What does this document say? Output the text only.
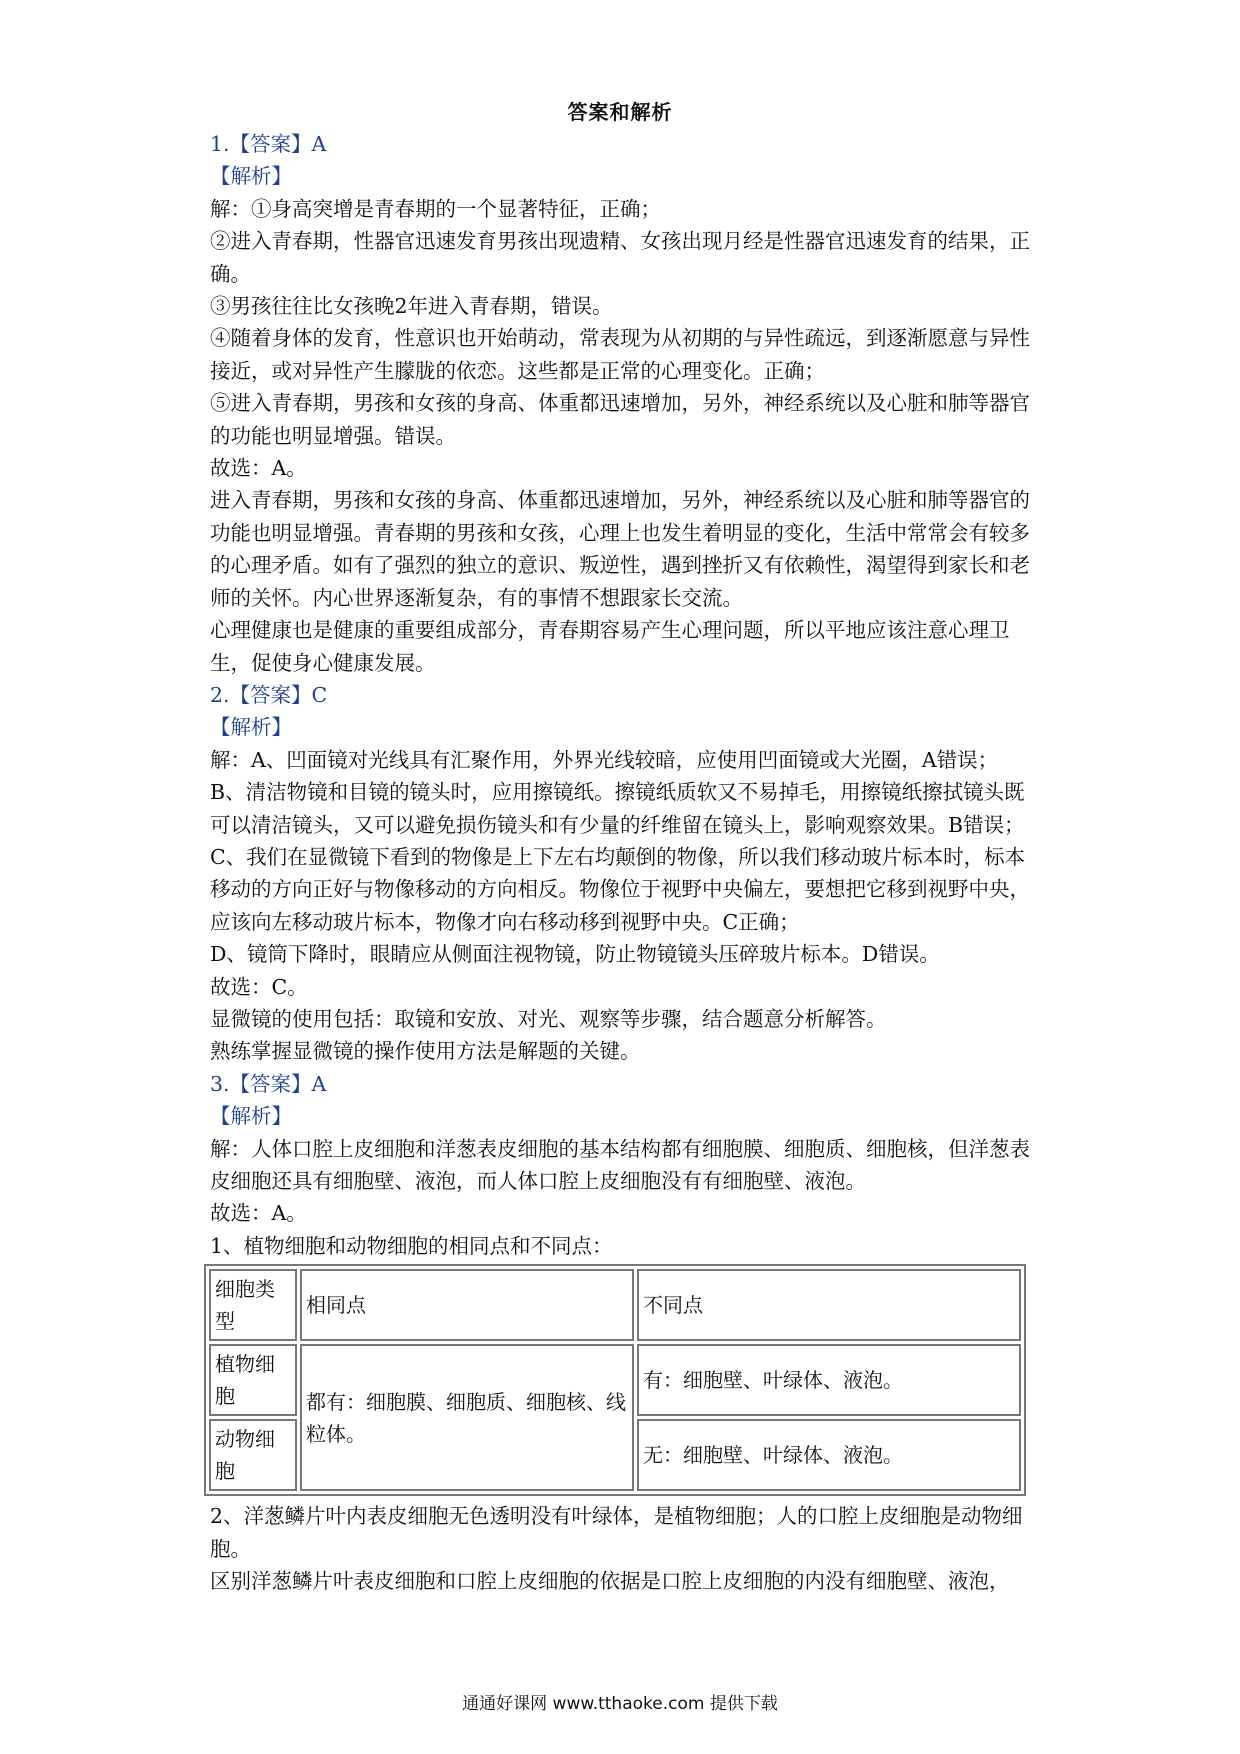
答案和解析

1.【答案】A

【解析】

解：①身高突增是青春期的一个显著特征，正确；

②进入青春期，性器官迅速发育男孩出现遗精、女孩出现月经是性器官迅速发育的结果，正确。

③男孩往往比女孩晚2年进入青春期，错误。

④随着身体的发育，性意识也开始萌动，常表现为从初期的与异性疏远，到逐渐愿意与异性接近，或对异性产生朦胧的依恋。这些都是正常的心理变化。正确；

⑤进入青春期，男孩和女孩的身高、体重都迅速增加，另外，神经系统以及心脏和肺等器官的功能也明显增强。错误。

故选：A。

进入青春期，男孩和女孩的身高、体重都迅速增加，另外，神经系统以及心脏和肺等器官的功能也明显增强。青春期的男孩和女孩，心理上也发生着明显的变化，生活中常常会有较多的心理矛盾。如有了强烈的独立的意识、叛逆性，遇到挫折又有依赖性，渴望得到家长和老师的关怀。内心世界逐渐复杂，有的事情不想跟家长交流。

心理健康也是健康的重要组成部分，青春期容易产生心理问题，所以平地应该注意心理卫生，促使身心健康发展。

2.【答案】C

【解析】

解：A、凹面镜对光线具有汇聚作用，外界光线较暗，应使用凹面镜或大光圈，A错误；

B、清洁物镜和目镜的镜头时，应用擦镜纸。擦镜纸质软又不易掉毛，用擦镜纸擦拭镜头既可以清洁镜头，又可以避免损伤镜头和有少量的纤维留在镜头上，影响观察效果。B错误；

C、我们在显微镜下看到的物像是上下左右均颠倒的物像，所以我们移动玻片标本时，标本移动的方向正好与物像移动的方向相反。物像位于视野中央偏左，要想把它移到视野中央，应该向左移动玻片标本，物像才向右移动移到视野中央。C正确；

D、镜筒下降时，眼睛应从侧面注视物镜，防止物镜镜头压碎玻片标本。D错误。

故选：C。

显微镜的使用包括：取镜和安放、对光、观察等步骤，结合题意分析解答。

熟练掌握显微镜的操作使用方法是解题的关键。

3.【答案】A

【解析】

解：人体口腔上皮细胞和洋葱表皮细胞的基本结构都有细胞膜、细胞质、细胞核，但洋葱表皮细胞还具有细胞壁、液泡，而人体口腔上皮细胞没有有细胞壁、液泡。

故选：A。

1、植物细胞和动物细胞的相同点和不同点：

细胞类型	相同点	不同点
植物细胞	都有：细胞膜、细胞质、细胞核、线粒体。	有：细胞壁、叶绿体、液泡。
动物细胞		无：细胞壁、叶绿体、液泡。

2、洋葱鳞片叶内表皮细胞无色透明没有叶绿体，是植物细胞；人的口腔上皮细胞是动物细胞。

区别洋葱鳞片叶表皮细胞和口腔上皮细胞的依据是口腔上皮细胞的内没有细胞壁、液泡，

通通好课网 www.tthaoke.com 提供下载
